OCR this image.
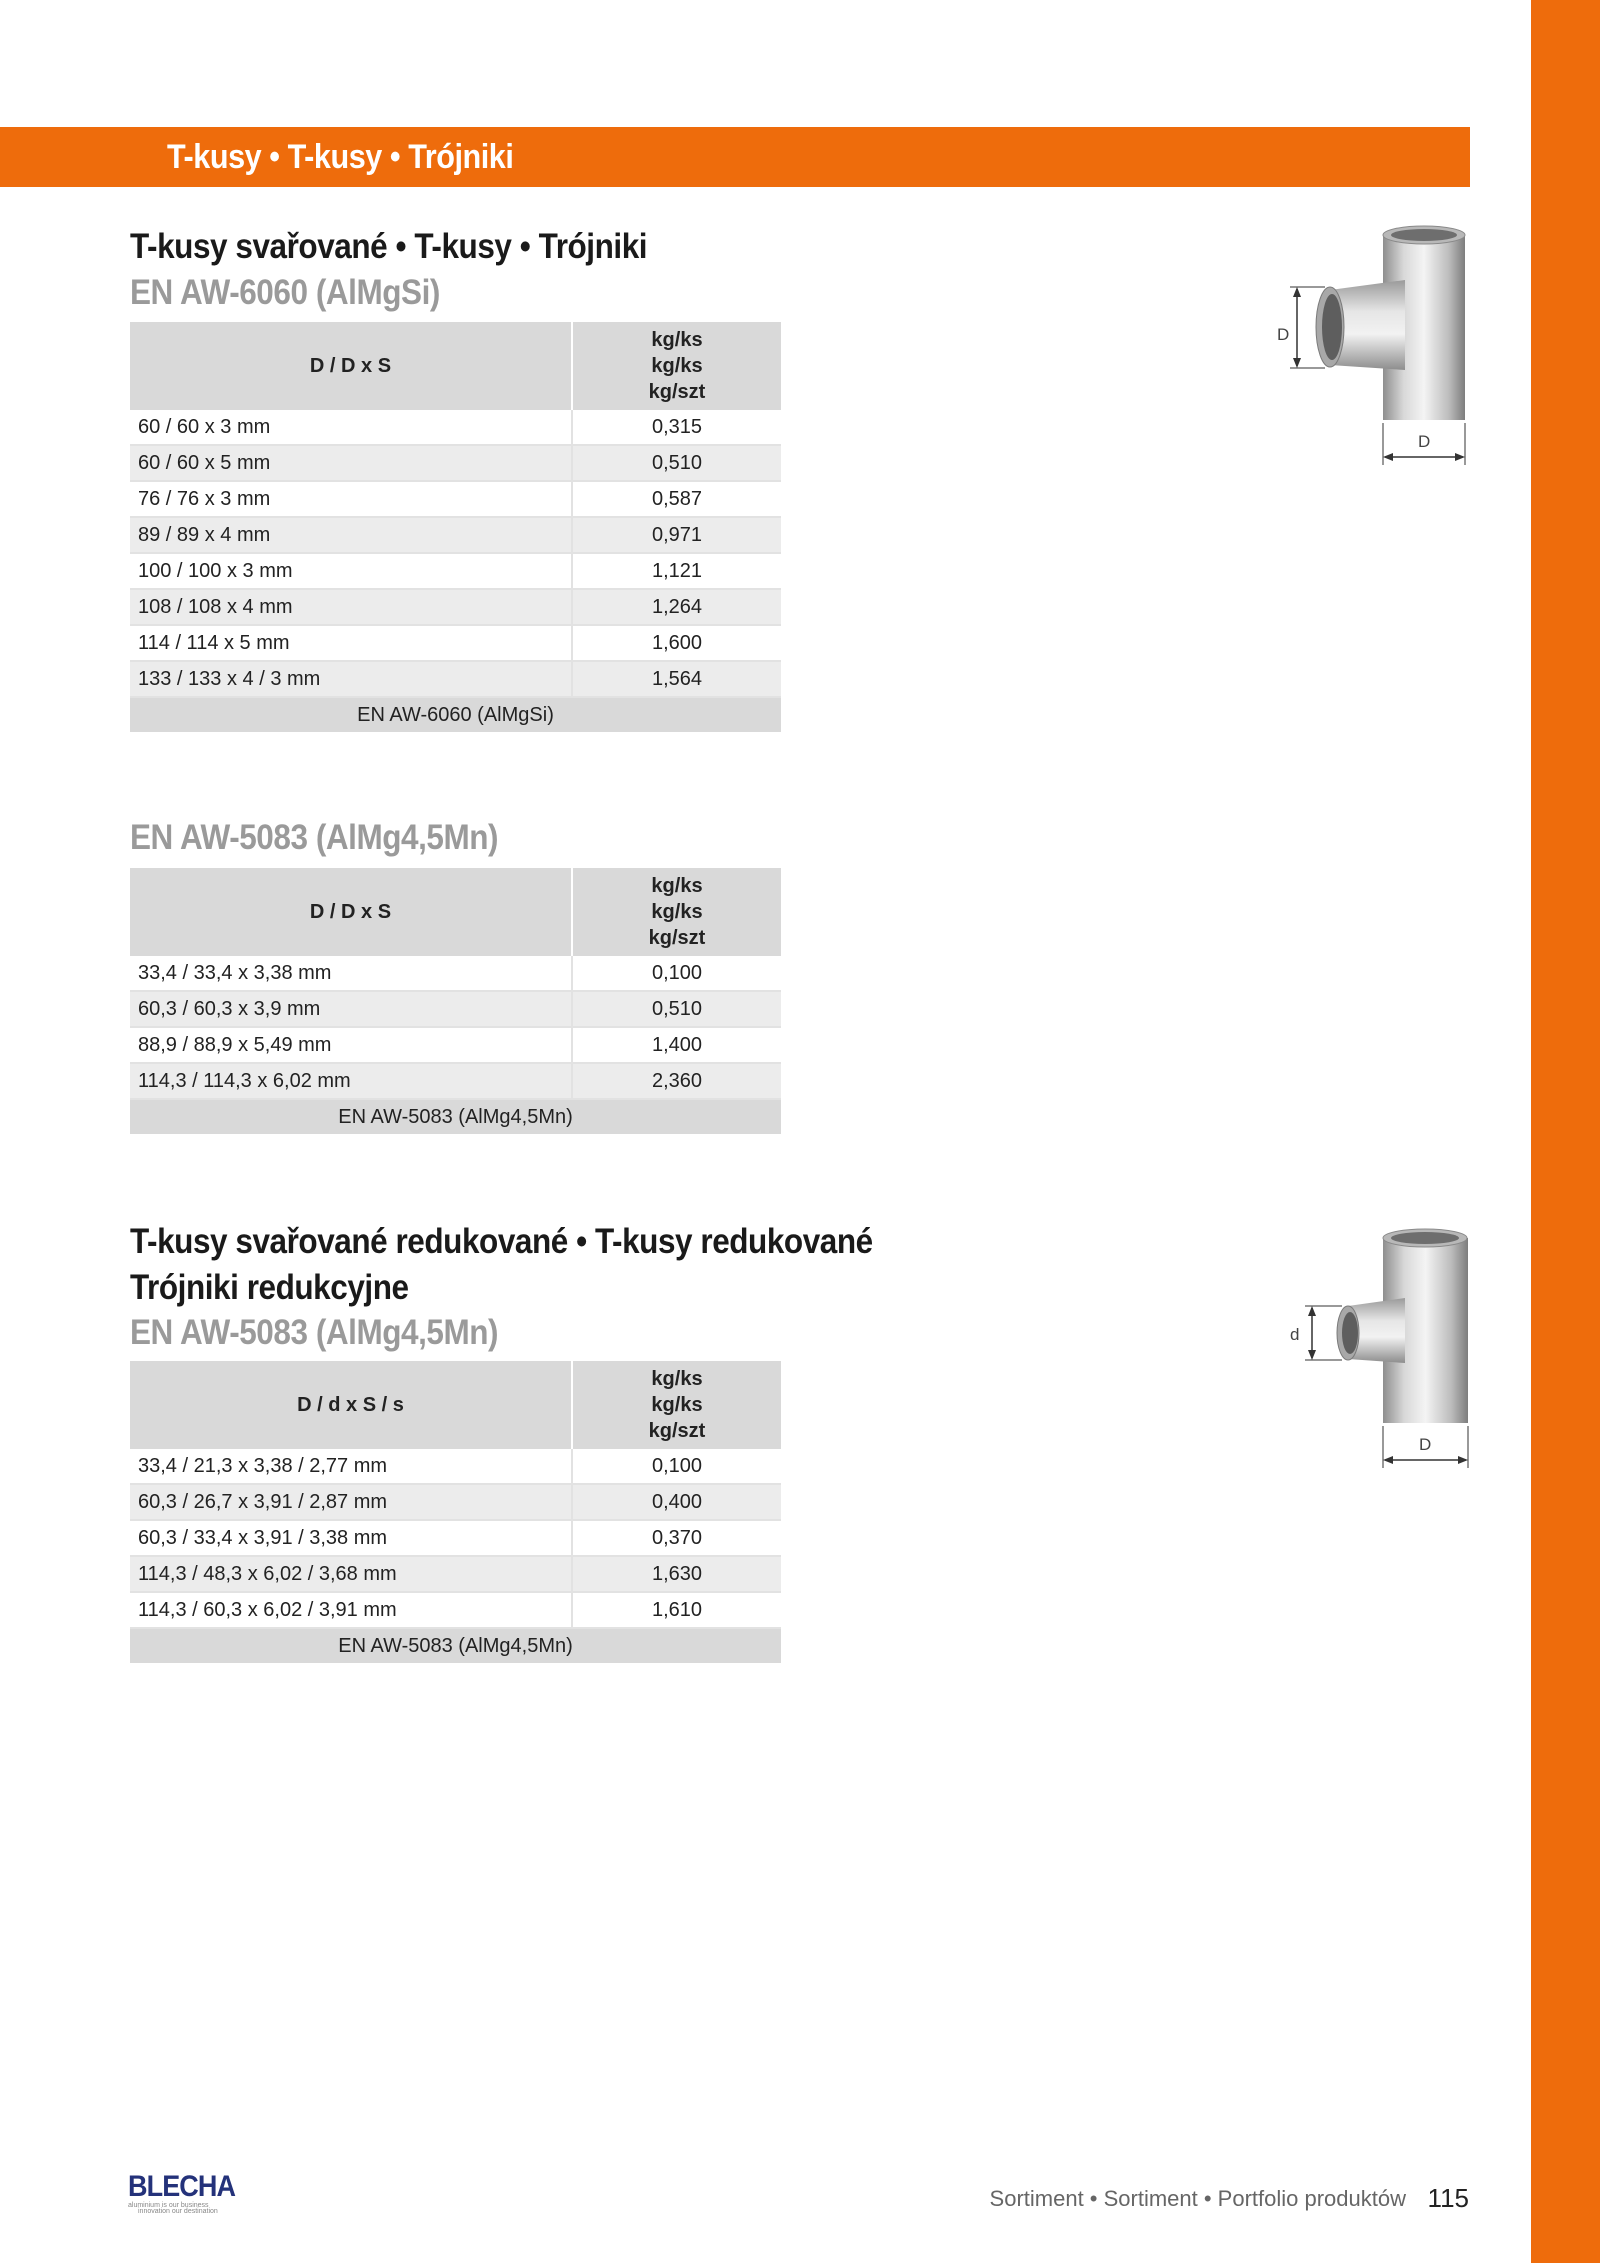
T-kusy • T-kusy • Trójniki
T-kusy svařované • T-kusy • Trójniki
EN AW-6060 (AlMgSi)
D / D x S	kg/ks
kg/ks
kg/szt
60 / 60 x 3 mm	0,315
60 / 60 x 5 mm	0,510
76 / 76 x 3 mm	0,587
89 / 89 x 4 mm	0,971
100 / 100 x 3 mm	1,121
108 / 108 x 4 mm	1,264
114 / 114 x 5 mm	1,600
133 / 133 x 4 / 3 mm	1,564
EN AW-6060 (AlMgSi)	
D
D
EN AW-5083 (AlMg4,5Mn)
D / D x S	kg/ks
kg/ks
kg/szt
33,4 / 33,4 x 3,38 mm	0,100
60,3 / 60,3 x 3,9 mm	0,510
88,9 / 88,9 x 5,49 mm	1,400
114,3 / 114,3 x 6,02 mm	2,360
EN AW-5083 (AlMg4,5Mn)	
T-kusy svařované redukované • T-kusy redukované
Trójniki redukcyjne
EN AW-5083 (AlMg4,5Mn)
D / d x S / s	kg/ks
kg/ks
kg/szt
33,4 / 21,3 x 3,38 / 2,77 mm	0,100
60,3 / 26,7 x 3,91 / 2,87 mm	0,400
60,3 / 33,4 x 3,91 / 3,38 mm	0,370
114,3 / 48,3 x 6,02 / 3,68 mm	1,630
114,3 / 60,3 x 6,02 / 3,91 mm	1,610
EN AW-5083 (AlMg4,5Mn)	
d
D
BLECHA
aluminium is our business
innovation our destination
Sortiment • Sortiment • Portfolio produktów 115
